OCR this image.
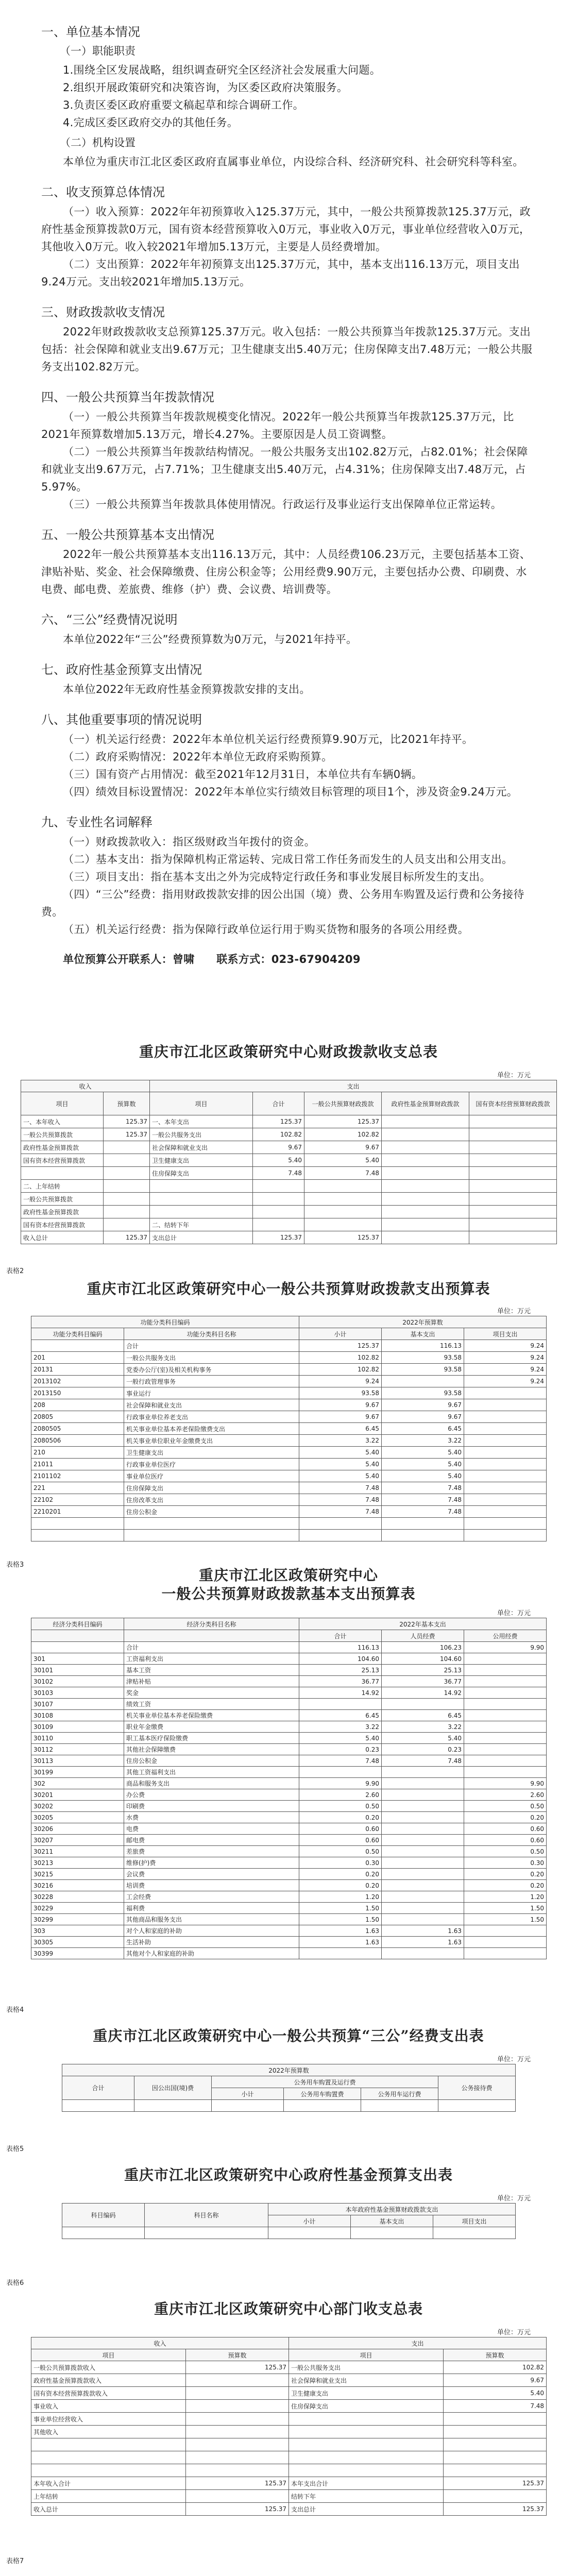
一、单位基本情况
（一）职能职责

1.围绕全区发展战略，组织调查研究全区经济社会发展重大问题。

2.组织开展政策研究和决策咨询，为区委区政府决策服务。

3.负责区委区政府重要文稿起草和综合调研工作。

4.完成区委区政府交办的其他任务。

（二）机构设置

本单位为重庆市江北区委区政府直属事业单位，内设综合科、经济研究科、社会研究科等科室。

二、收支预算总体情况

（一）收入预算：2022年年初预算收入125.37万元，其中，一般公共预算拨款125.37万元，政府性基金预算拨款0万元，国有资本经营预算收入0万元，事业收入0万元，事业单位经营收入0万元，其他收入0万元。收入较2021年增加5.13万元，主要是人员经费增加。

（二）支出预算：2022年年初预算支出125.37万元，其中，基本支出116.13万元，项目支出9.24万元。支出较2021年增加5.13万元。

三、财政拨款收支情况

2022年财政拨款收支总预算125.37万元。收入包括：一般公共预算当年拨款125.37万元。支出包括：社会保障和就业支出9.67万元；卫生健康支出5.40万元；住房保障支出7.48万元；一般公共服务支出102.82万元。

四、一般公共预算当年拨款情况

（一）一般公共预算当年拨款规模变化情况。2022年一般公共预算当年拨款125.37万元，比2021年预算数增加5.13万元，增长4.27%。主要原因是人员工资调整。

（二）一般公共预算当年拨款结构情况。一般公共服务支出102.82万元，占82.01%；社会保障和就业支出9.67万元，占7.71%；卫生健康支出5.40万元，占4.31%；住房保障支出7.48万元，占5.97%。

（三）一般公共预算当年拨款具体使用情况。行政运行及事业运行支出保障单位正常运转。

五、一般公共预算基本支出情况

2022年一般公共预算基本支出116.13万元，其中：人员经费106.23万元，主要包括基本工资、津贴补贴、奖金、社会保障缴费、住房公积金等；公用经费9.90万元，主要包括办公费、印刷费、水电费、邮电费、差旅费、维修（护）费、会议费、培训费等。

六、“三公”经费情况说明

本单位2022年“三公”经费预算数为0万元，与2021年持平。

七、政府性基金预算支出情况

本单位2022年无政府性基金预算拨款安排的支出。

八、其他重要事项的情况说明

（一）机关运行经费：2022年本单位机关运行经费预算9.90万元，比2021年持平。

（二）政府采购情况：2022年本单位无政府采购预算。

（三）国有资产占用情况：截至2021年12月31日，本单位共有车辆0辆。

（四）绩效目标设置情况：2022年本单位实行绩效目标管理的项目1个，涉及资金9.24万元。

九、专业性名词解释

（一）财政拨款收入：指区级财政当年拨付的资金。

（二）基本支出：指为保障机构正常运转、完成日常工作任务而发生的人员支出和公用支出。

（三）项目支出：指在基本支出之外为完成特定行政任务和事业发展目标所发生的支出。

（四）“三公”经费：指用财政拨款安排的因公出国（境）费、公务用车购置及运行费和公务接待费。

（五）机关运行经费：指为保障行政单位运行用于购买货物和服务的各项公用经费。

单位预算公开联系人：曾啸　　联系方式：023-67904209

重庆市江北区政策研究中心财政拨款收支总表
单位：万元
收入		支出				
项目	预算数	项目	合计	一般公共预算财政拨款	政府性基金预算财政拨款	国有资本经营预算财政拨款

一、本年收入	125.37	一、本年支出	125.37	125.37		
一般公共预算拨款	125.37	一般公共服务支出	102.82	102.82		
政府性基金预算拨款		社会保障和就业支出	9.67	9.67		
国有资本经营预算拨款		卫生健康支出	5.40	5.40		
		住房保障支出	7.48	7.48		
二、上年结转						
一般公共预算拨款						
政府性基金预算拨款						
国有资本经营预算拨款		二、结转下年				
收入总计	125.37	支出总计	125.37	125.37		
表格2
重庆市江北区政策研究中心一般公共预算财政拨款支出预算表
单位：万元
功能分类科目编码		2022年预算数		
功能分类科目编码	功能分类科目名称	小计	基本支出	项目支出
	合计	125.37	116.13	9.24
201	一般公共服务支出	102.82	93.58	9.24
20131	党委办公厅(室)及相关机构事务	102.82	93.58	9.24
2013102	一般行政管理事务	9.24		9.24
2013150	事业运行	93.58	93.58	
208	社会保障和就业支出	9.67	9.67	
20805	行政事业单位养老支出	9.67	9.67	
2080505	机关事业单位基本养老保险缴费支出	6.45	6.45	
2080506	机关事业单位职业年金缴费支出	3.22	3.22	
210	卫生健康支出	5.40	5.40	
21011	行政事业单位医疗	5.40	5.40	
2101102	事业单位医疗	5.40	5.40	
221	住房保障支出	7.48	7.48	
22102	住房改革支出	7.48	7.48	
2210201	住房公积金	7.48	7.48	

表格3
重庆市江北区政策研究中心
一般公共预算财政拨款基本支出预算表
单位：万元
经济分类科目编码	经济分类科目名称	2022年基本支出		
		合计	人员经费	公用经费
	合计	116.13	106.23	9.90
301	工资福利支出	104.60	104.60	
30101	基本工资	25.13	25.13	
30102	津贴补贴	36.77	36.77	
30103	奖金	14.92	14.92	
30107	绩效工资			
30108	机关事业单位基本养老保险缴费	6.45	6.45	
30109	职业年金缴费	3.22	3.22	
30110	职工基本医疗保险缴费	5.40	5.40	
30112	其他社会保障缴费	0.23	0.23	
30113	住房公积金	7.48	7.48	
30199	其他工资福利支出			
302	商品和服务支出	9.90		9.90
30201	办公费	2.60		2.60
30202	印刷费	0.50		0.50
30205	水费	0.20		0.20
30206	电费	0.60		0.60
30207	邮电费	0.60		0.60
30211	差旅费	0.50		0.50
30213	维修(护)费	0.30		0.30
30215	会议费	0.20		0.20
30216	培训费	0.20		0.20
30228	工会经费	1.20		1.20
30229	福利费	1.50		1.50
30299	其他商品和服务支出	1.50		1.50
303	对个人和家庭的补助	1.63	1.63	
30305	生活补助	1.63	1.63	
30399	其他对个人和家庭的补助			
表格4
重庆市江北区政策研究中心一般公共预算“三公”经费支出表
单位：万元
2022年预算数					
合计	因公出国(境)费	公务用车购置及运行费			公务接待费
		小计	公务用车购置费	公务用车运行费	

表格5
重庆市江北区政策研究中心政府性基金预算支出表
单位：万元
科目编码	科目名称	本年政府性基金预算财政拨款支出		
		小计	基本支出	项目支出

表格6
重庆市江北区政策研究中心部门收支总表
单位：万元
收入		支出	
项目	预算数	项目	预算数
一般公共预算拨款收入	125.37	一般公共服务支出	102.82
政府性基金预算拨款收入		社会保障和就业支出	9.67
国有资本经营预算拨款收入		卫生健康支出	5.40
事业收入		住房保障支出	7.48
事业单位经营收入			
其他收入			

本年收入合计	125.37	本年支出合计	125.37
上年结转		结转下年	
收入总计	125.37	支出总计	125.37
表格7
